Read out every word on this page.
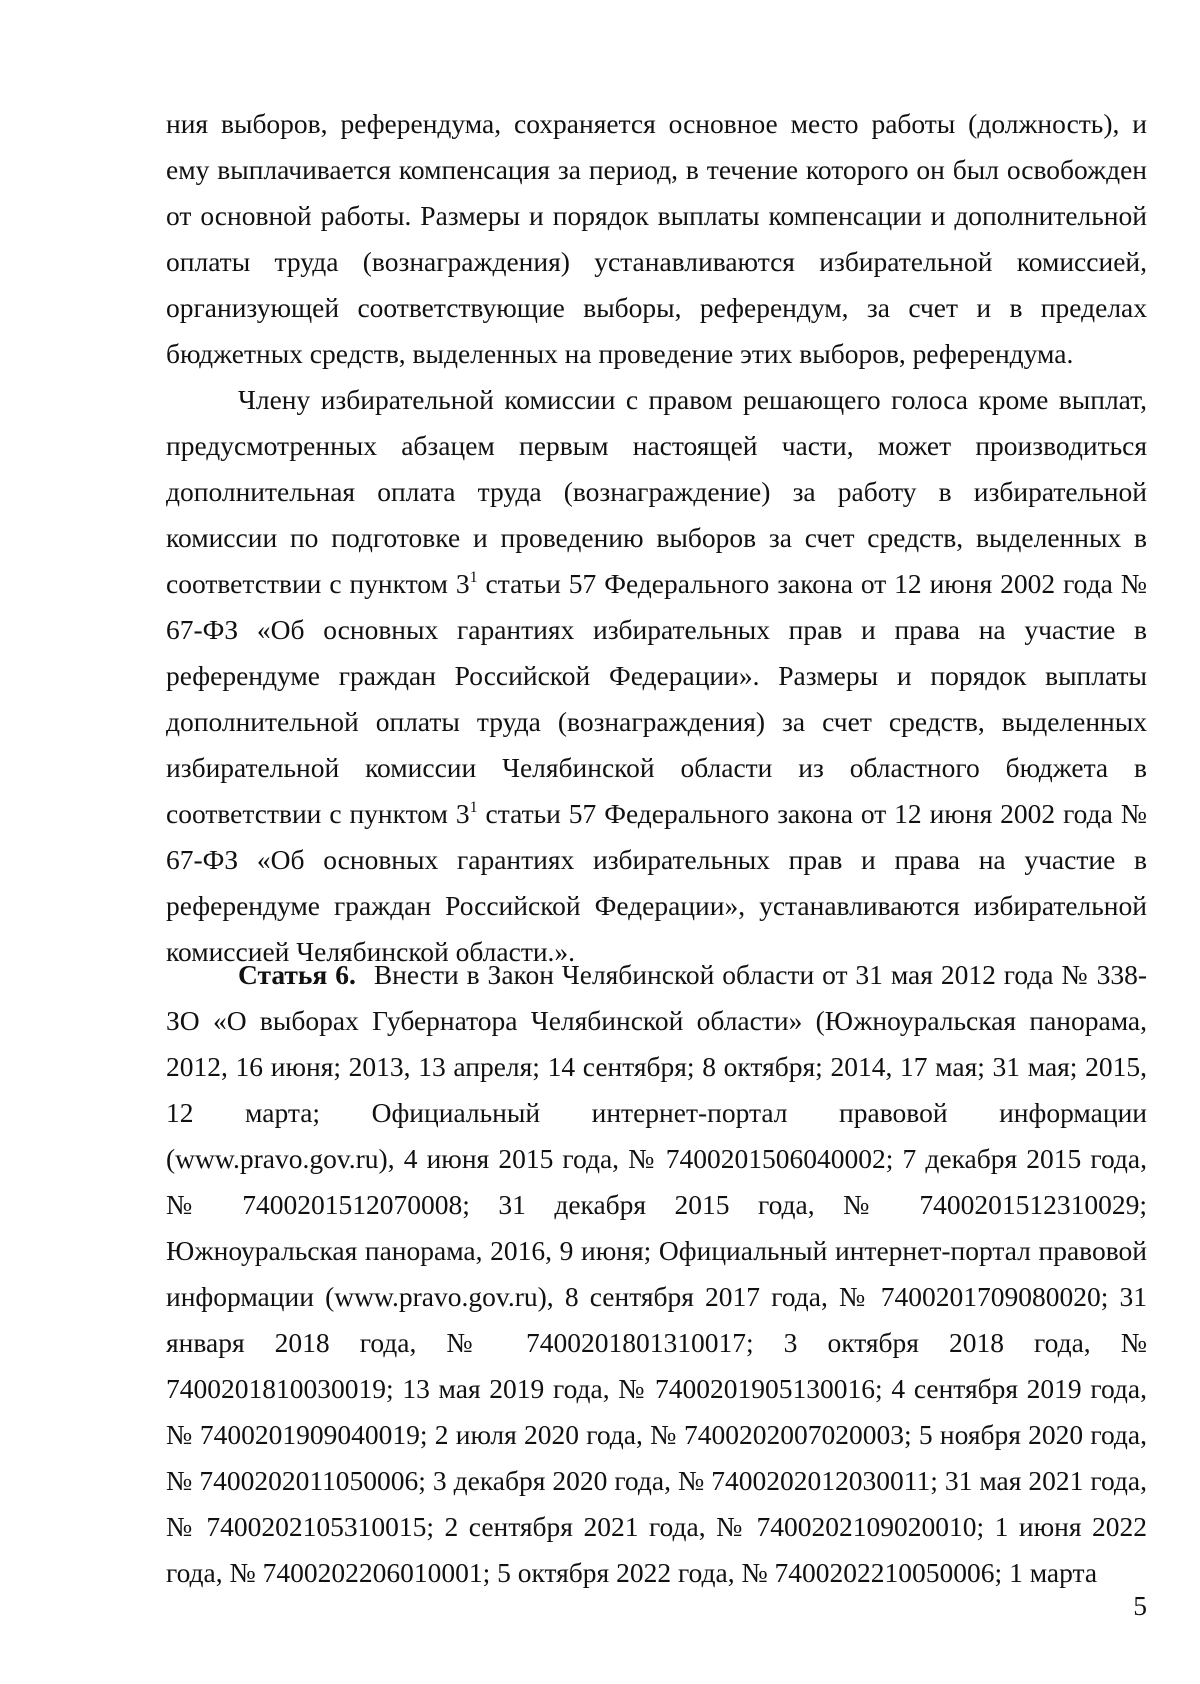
ния выборов, референдума, сохраняется основное место работы (должность), и ему выплачивается компенсация за период, в течение которого он был освобожден от основной работы. Размеры и порядок выплаты компенсации и дополнительной оплаты труда (вознаграждения) устанавливаются избирательной комиссией, организующей соответствующие выборы, референдум, за счет и в пределах бюджетных средств, выделенных на проведение этих выборов, референдума.

Члену избирательной комиссии с правом решающего голоса кроме выплат, предусмотренных абзацем первым настоящей части, может производиться дополнительная оплата труда (вознаграждение) за работу в избирательной комиссии по подготовке и проведению выборов за счет средств, выделенных в соответствии с пунктом $3^1$ статьи 57 Федерального закона от 12 июня 2002 года № 67-ФЗ «Об основных гарантиях избирательных прав и права на участие в референдуме граждан Российской Федерации». Размеры и порядок выплаты дополнительной оплаты труда (вознаграждения) за счет средств, выделенных избирательной комиссии Челябинской области из областного бюджета в соответствии с пунктом $3^1$ статьи 57 Федерального закона от 12 июня 2002 года № 67-ФЗ «Об основных гарантиях избирательных прав и права на участие в референдуме граждан Российской Федерации», устанавливаются избирательной комиссией Челябинской области.».

Статья 6. Внести в Закон Челябинской области от 31 мая 2012 года № 338-ЗО «О выборах Губернатора Челябинской области» (Южноуральская панорама, 2012, 16 июня; 2013, 13 апреля; 14 сентября; 8 октября; 2014, 17 мая; 31 мая; 2015, 12 марта; Официальный интернет-портал правовой информации (www.pravo.gov.ru), 4 июня 2015 года, № 7400201506040002; 7 декабря 2015 года, № 7400201512070008; 31 декабря 2015 года, № 7400201512310029; Южноуральская панорама, 2016, 9 июня; Официальный интернет-портал правовой информации (www.pravo.gov.ru), 8 сентября 2017 года, № 7400201709080020; 31 января 2018 года, № 7400201801310017; 3 октября 2018 года, № 7400201810030019; 13 мая 2019 года, № 7400201905130016; 4 сентября 2019 года, № 7400201909040019; 2 июля 2020 года, № 7400202007020003; 5 ноября 2020 года, № 7400202011050006; 3 декабря 2020 года, № 7400202012030011; 31 мая 2021 года, № 7400202105310015; 2 сентября 2021 года, № 7400202109020010; 1 июня 2022 года, № 7400202206010001; 5 октября 2022 года, № 7400202210050006; 1 марта

5
